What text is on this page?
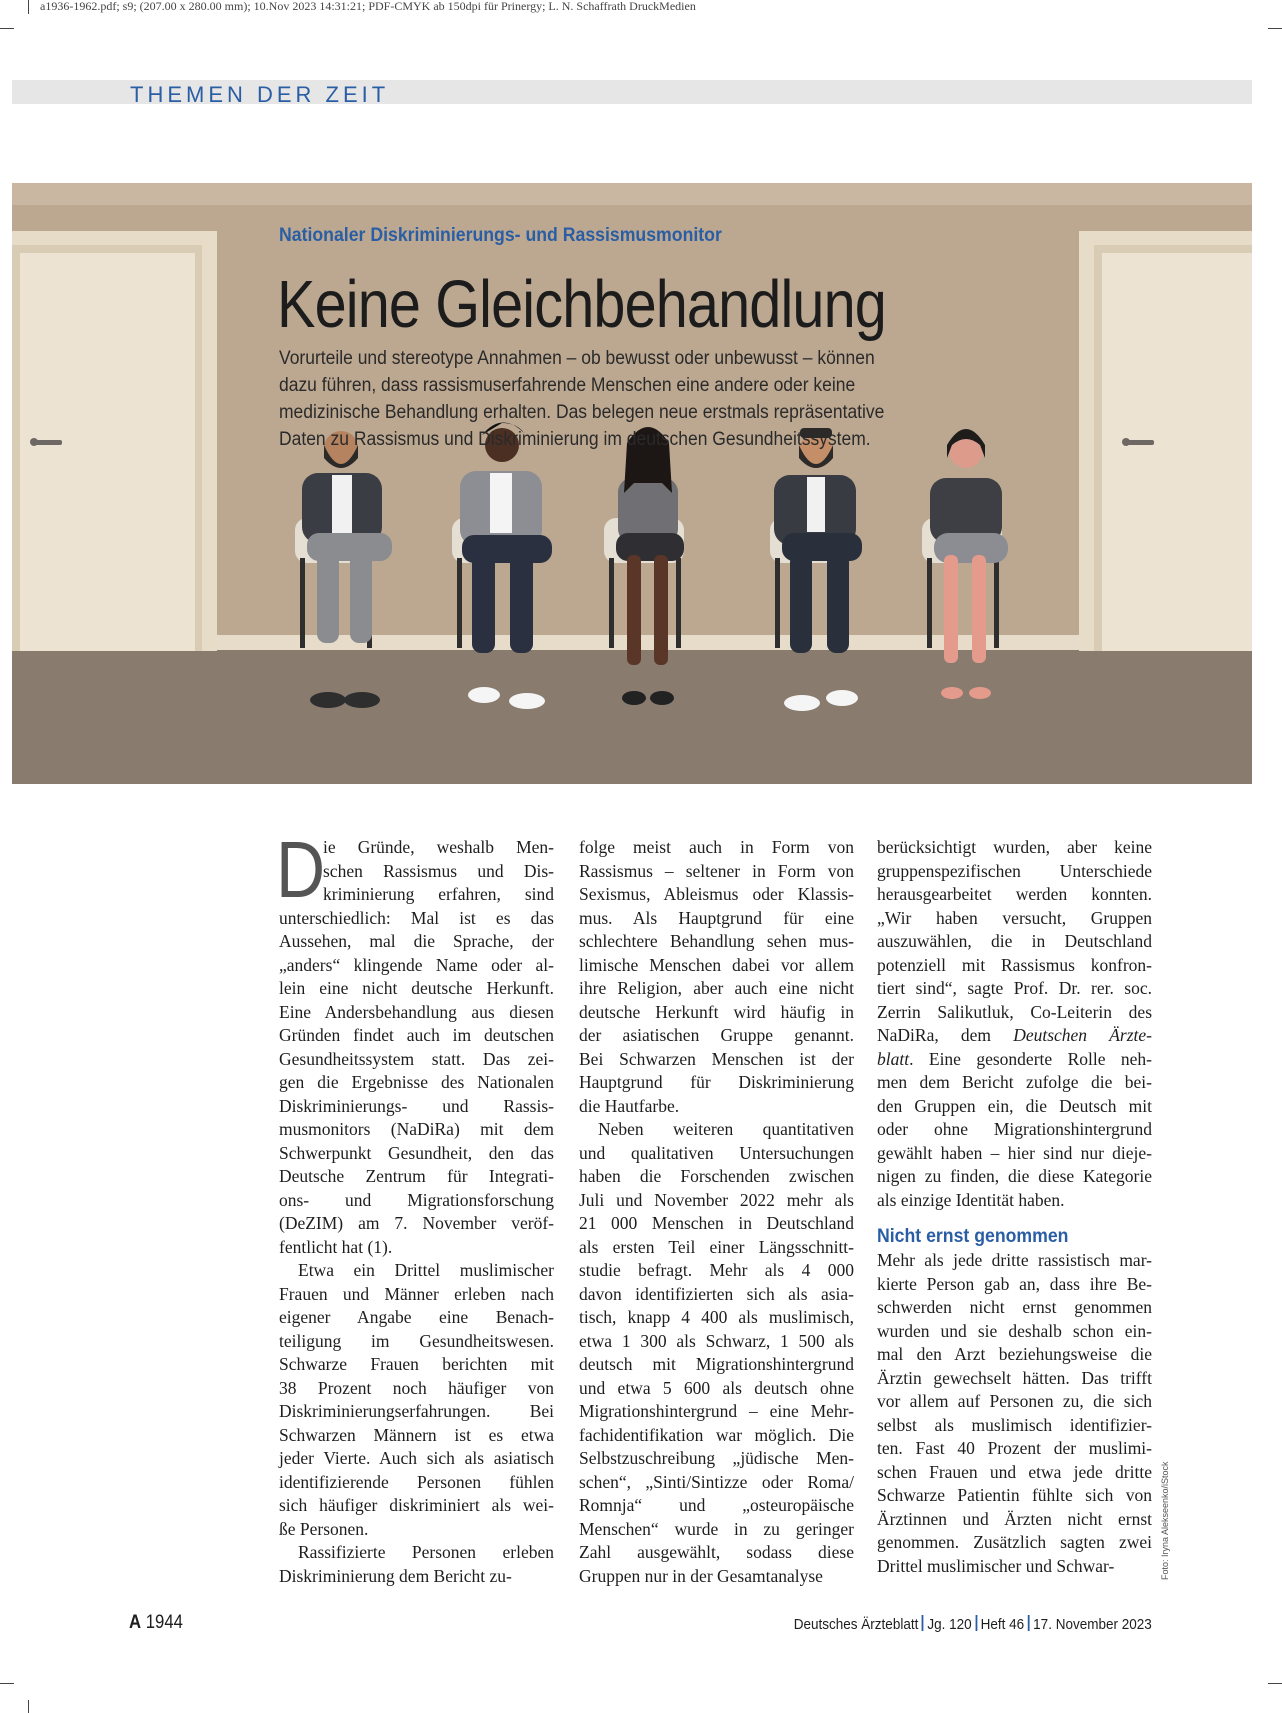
a1936-1962.pdf; s9; (207.00 x 280.00 mm); 10.Nov 2023 14:31:21; PDF-CMYK ab 150dpi für Prinergy; L. N. Schaffrath DruckMedien
THEMEN DER ZEIT
Nationaler Diskriminierungs- und Rassismusmonitor
Keine Gleichbehandlung
Vorurteile und stereotype Annahmen – ob bewusst oder unbewusst – können
dazu führen, dass rassismuserfahrende Menschen eine andere oder keine
medizinische Behandlung erhalten. Das belegen neue erstmals repräsentative
Daten zu Rassismus und Diskriminierung im deutschen Gesundheitssystem.
D
ie Gründe, weshalb Men-
schen Rassismus und Dis-
kriminierung erfahren, sind
unterschiedlich: Mal ist es das
Aussehen, mal die Sprache, der
„anders“ klingende Name oder al-
lein eine nicht deutsche Herkunft.
Eine Andersbehandlung aus diesen
Gründen findet auch im deutschen
Gesundheitssystem statt. Das zei-
gen die Ergebnisse des Nationalen
Diskriminierungs- und Rassis-
musmonitors (NaDiRa) mit dem
Schwerpunkt Gesundheit, den das
Deutsche Zentrum für Integrati-
ons- und Migrationsforschung
(DeZIM) am 7. November veröf-
fentlicht hat (1).
Etwa ein Drittel muslimischer
Frauen und Männer erleben nach
eigener Angabe eine Benach-
teiligung im Gesundheitswesen.
Schwarze Frauen berichten mit
38 Prozent noch häufiger von
Diskriminierungserfahrungen. Bei
Schwarzen Männern ist es etwa
jeder Vierte. Auch sich als asiatisch
identifizierende Personen fühlen
sich häufiger diskriminiert als wei-
ße Personen.
Rassifizierte Personen erleben
Diskriminierung dem Bericht zu-
folge meist auch in Form von
Rassismus – seltener in Form von
Sexismus, Ableismus oder Klassis-
mus. Als Hauptgrund für eine
schlechtere Behandlung sehen mus-
limische Menschen dabei vor allem
ihre Religion, aber auch eine nicht
deutsche Herkunft wird häufig in
der asiatischen Gruppe genannt.
Bei Schwarzen Menschen ist der
Hauptgrund für Diskriminierung
die Hautfarbe.
Neben weiteren quantitativen
und qualitativen Untersuchungen
haben die Forschenden zwischen
Juli und November 2022 mehr als
21 000 Menschen in Deutschland
als ersten Teil einer Längsschnitt-
studie befragt. Mehr als 4 000
davon identifizierten sich als asia-
tisch, knapp 4 400 als muslimisch,
etwa 1 300 als Schwarz, 1 500 als
deutsch mit Migrationshintergrund
und etwa 5 600 als deutsch ohne
Migrationshintergrund – eine Mehr-
fachidentifikation war möglich. Die
Selbstzuschreibung „jüdische Men-
schen“, „Sinti/Sintizze oder Roma/
Romnja“ und „osteuropäische
Menschen“ wurde in zu geringer
Zahl ausgewählt, sodass diese
Gruppen nur in der Gesamtanalyse
berücksichtigt wurden, aber keine
gruppenspezifischen Unterschiede
herausgearbeitet werden konnten.
„Wir haben versucht, Gruppen
auszuwählen, die in Deutschland
potenziell mit Rassismus konfron-
tiert sind“, sagte Prof. Dr. rer. soc.
Zerrin Salikutluk, Co-Leiterin des
NaDiRa, dem Deutschen Ärzte-
blatt. Eine gesonderte Rolle neh-
men dem Bericht zufolge die bei-
den Gruppen ein, die Deutsch mit
oder ohne Migrationshintergrund
gewählt haben – hier sind nur dieje-
nigen zu finden, die diese Kategorie
als einzige Identität haben.
Nicht ernst genommen
Mehr als jede dritte rassistisch mar-
kierte Person gab an, dass ihre Be-
schwerden nicht ernst genommen
wurden und sie deshalb schon ein-
mal den Arzt beziehungsweise die
Ärztin gewechselt hätten. Das trifft
vor allem auf Personen zu, die sich
selbst als muslimisch identifizier-
ten. Fast 40 Prozent der muslimi-
schen Frauen und etwa jede dritte
Schwarze Patientin fühlte sich von
Ärztinnen und Ärzten nicht ernst
genommen. Zusätzlich sagten zwei
Drittel muslimischer und Schwar-	Foto: Iryna Alekseenko/iStock
A 1944	Deutsches Ärzteblatt Jg. 120 Heft 46 17. November 2023
